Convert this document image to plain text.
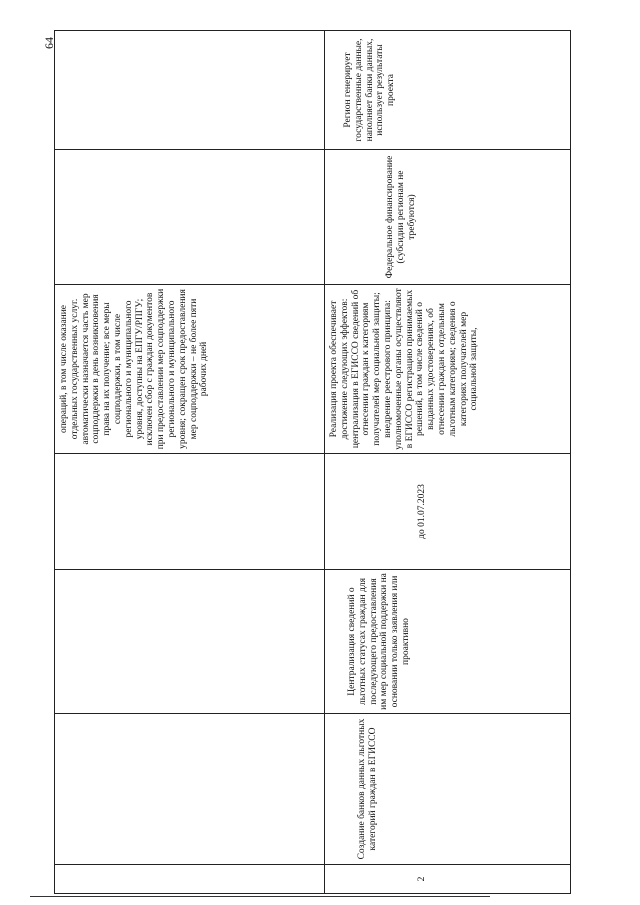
64

				операций, в том числе оказание отдельных государственных услуг. автоматически назначается часть мер соцподдержки в день возникновения права на их получение; все меры соцподдержки, в том числе регионального и муниципального уровня, доступны на ЕПГУ/РПГУ; исключен сбор с граждан документов при предоставлении мер соцподдержки регионального и муниципального уровня; сокращен срок предоставления мер соцподдержки – не более пяти рабочих дней		

2	Создание банков данных льготных категорий граждан в ЕГИССО	Централизация сведений о льготных статусах граждан для последующего предоставления им мер социальной поддержки на основании только заявления или проактивно	до 01.07.2023	Реализация проекта обеспечивает достижение следующих эффектов: централизация в ЕГИССО сведений об отнесении граждан к категориям получателей мер социальной защиты; внедрение реестрового принципа: уполномоченные органы осуществляют в ЕГИССО регистрацию принимаемых решений, в том числе сведений о выданных удостоверениях, об отнесении граждан к отдельным льготным категориям; сведения о категориях получателей мер социальной защиты,	Федеральное финансирование (субсидии регионам не требуются)	Регион генерирует государственные данные, наполняет банки данных, использует результаты проекта
